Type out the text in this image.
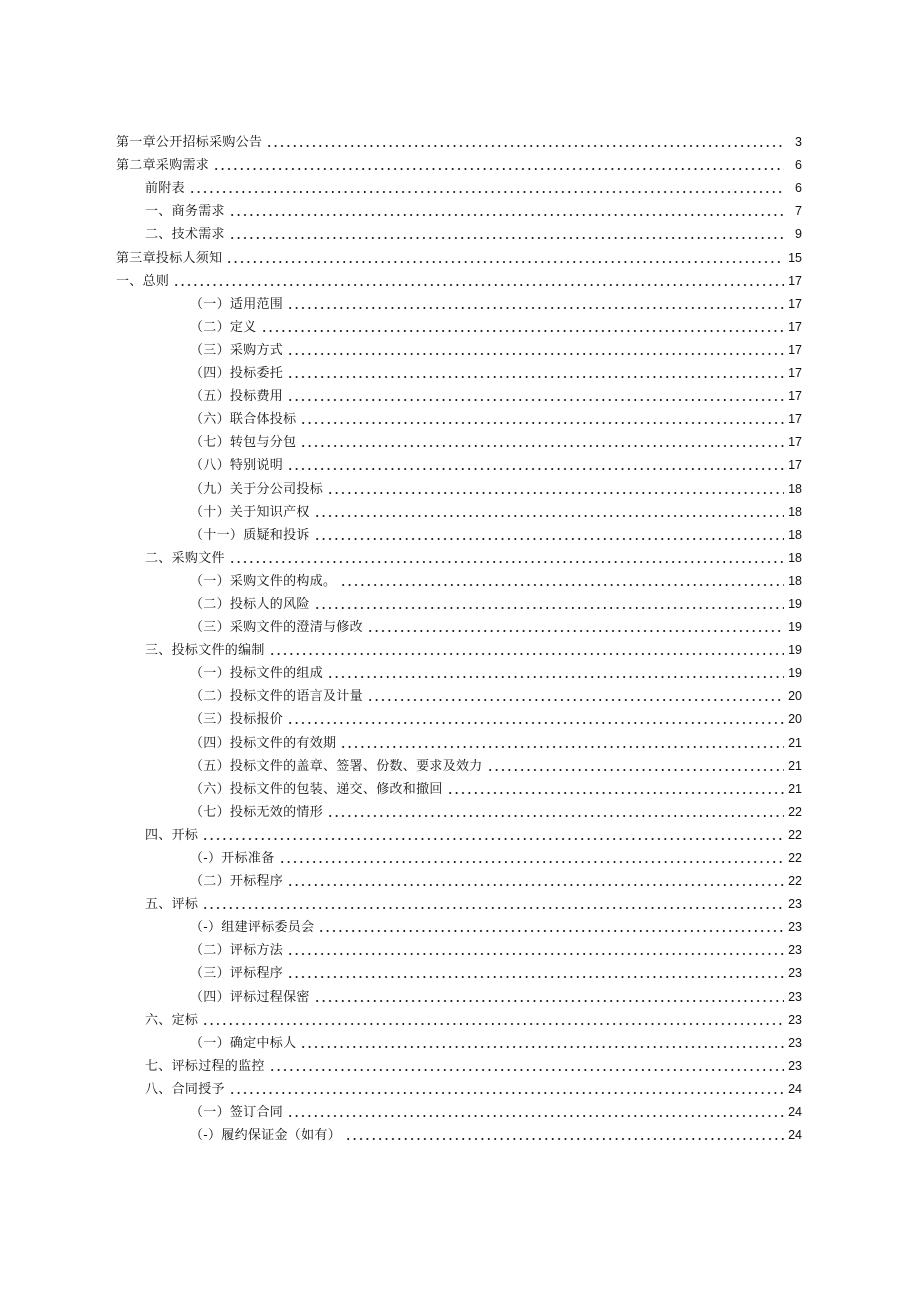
第一章公开招标采购公告	3
第二章采购需求	6
前附表	6
一、商务需求	7
二、技术需求	9
第三章投标人须知	15
一、总则	17
（一）适用范围	17
（二）定义	17
（三）采购方式	17
（四）投标委托	17
（五）投标费用	17
（六）联合体投标	17
（七）转包与分包	17
（八）特别说明	17
（九）关于分公司投标	18
（十）关于知识产权	18
（十一）质疑和投诉	18
二、采购文件	18
（一）采购文件的构成。	18
（二）投标人的风险	19
（三）采购文件的澄清与修改	19
三、投标文件的编制	19
（一）投标文件的组成	19
（二）投标文件的语言及计量	20
（三）投标报价	20
（四）投标文件的有效期	21
（五）投标文件的盖章、签署、份数、要求及效力	21
（六）投标文件的包装、递交、修改和撤回	21
（七）投标无效的情形	22
四、开标	22
（-）开标准备	22
（二）开标程序	22
五、评标	23
（-）组建评标委员会	23
（二）评标方法	23
（三）评标程序	23
（四）评标过程保密	23
六、定标	23
（一）确定中标人	23
七、评标过程的监控	23
八、合同授予	24
（一）签订合同	24
（-）履约保证金（如有）	24
